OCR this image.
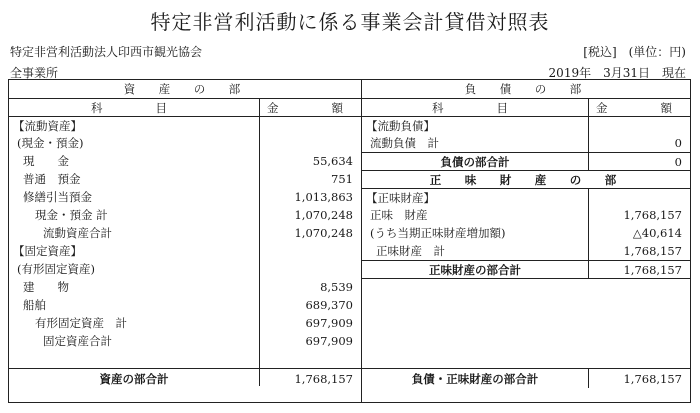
特定非営利活動に係る事業会計貸借対照表
特定非営利活動法人印西市観光協会
全事業所
[税込]　(単位：円)
2019年　3月31日　現在
資　産　の　部
科　　目	金　　額
【流動資産】
(現金・預金)
現　　金	55,634
普通　預金	751
修繕引当預金	1,013,863
現金・預金 計	1,070,248
流動資産合計	1,070,248
【固定資産】
(有形固定資産)
建　　物	8,539
船舶	689,370
有形固定資産　計	697,909
固定資産合計	697,909
資産の部合計	1,768,157
負　債　の　部
科　　目	金　　額
【流動負債】
流動負債　計	0
負債の部合計	0
正　味　財　産　の　部
【正味財産】
正味　財産	1,768,157
(うち当期正味財産増加額)	△40,614
正味財産　計	1,768,157
正味財産の部合計	1,768,157
負債・正味財産の部合計	1,768,157
